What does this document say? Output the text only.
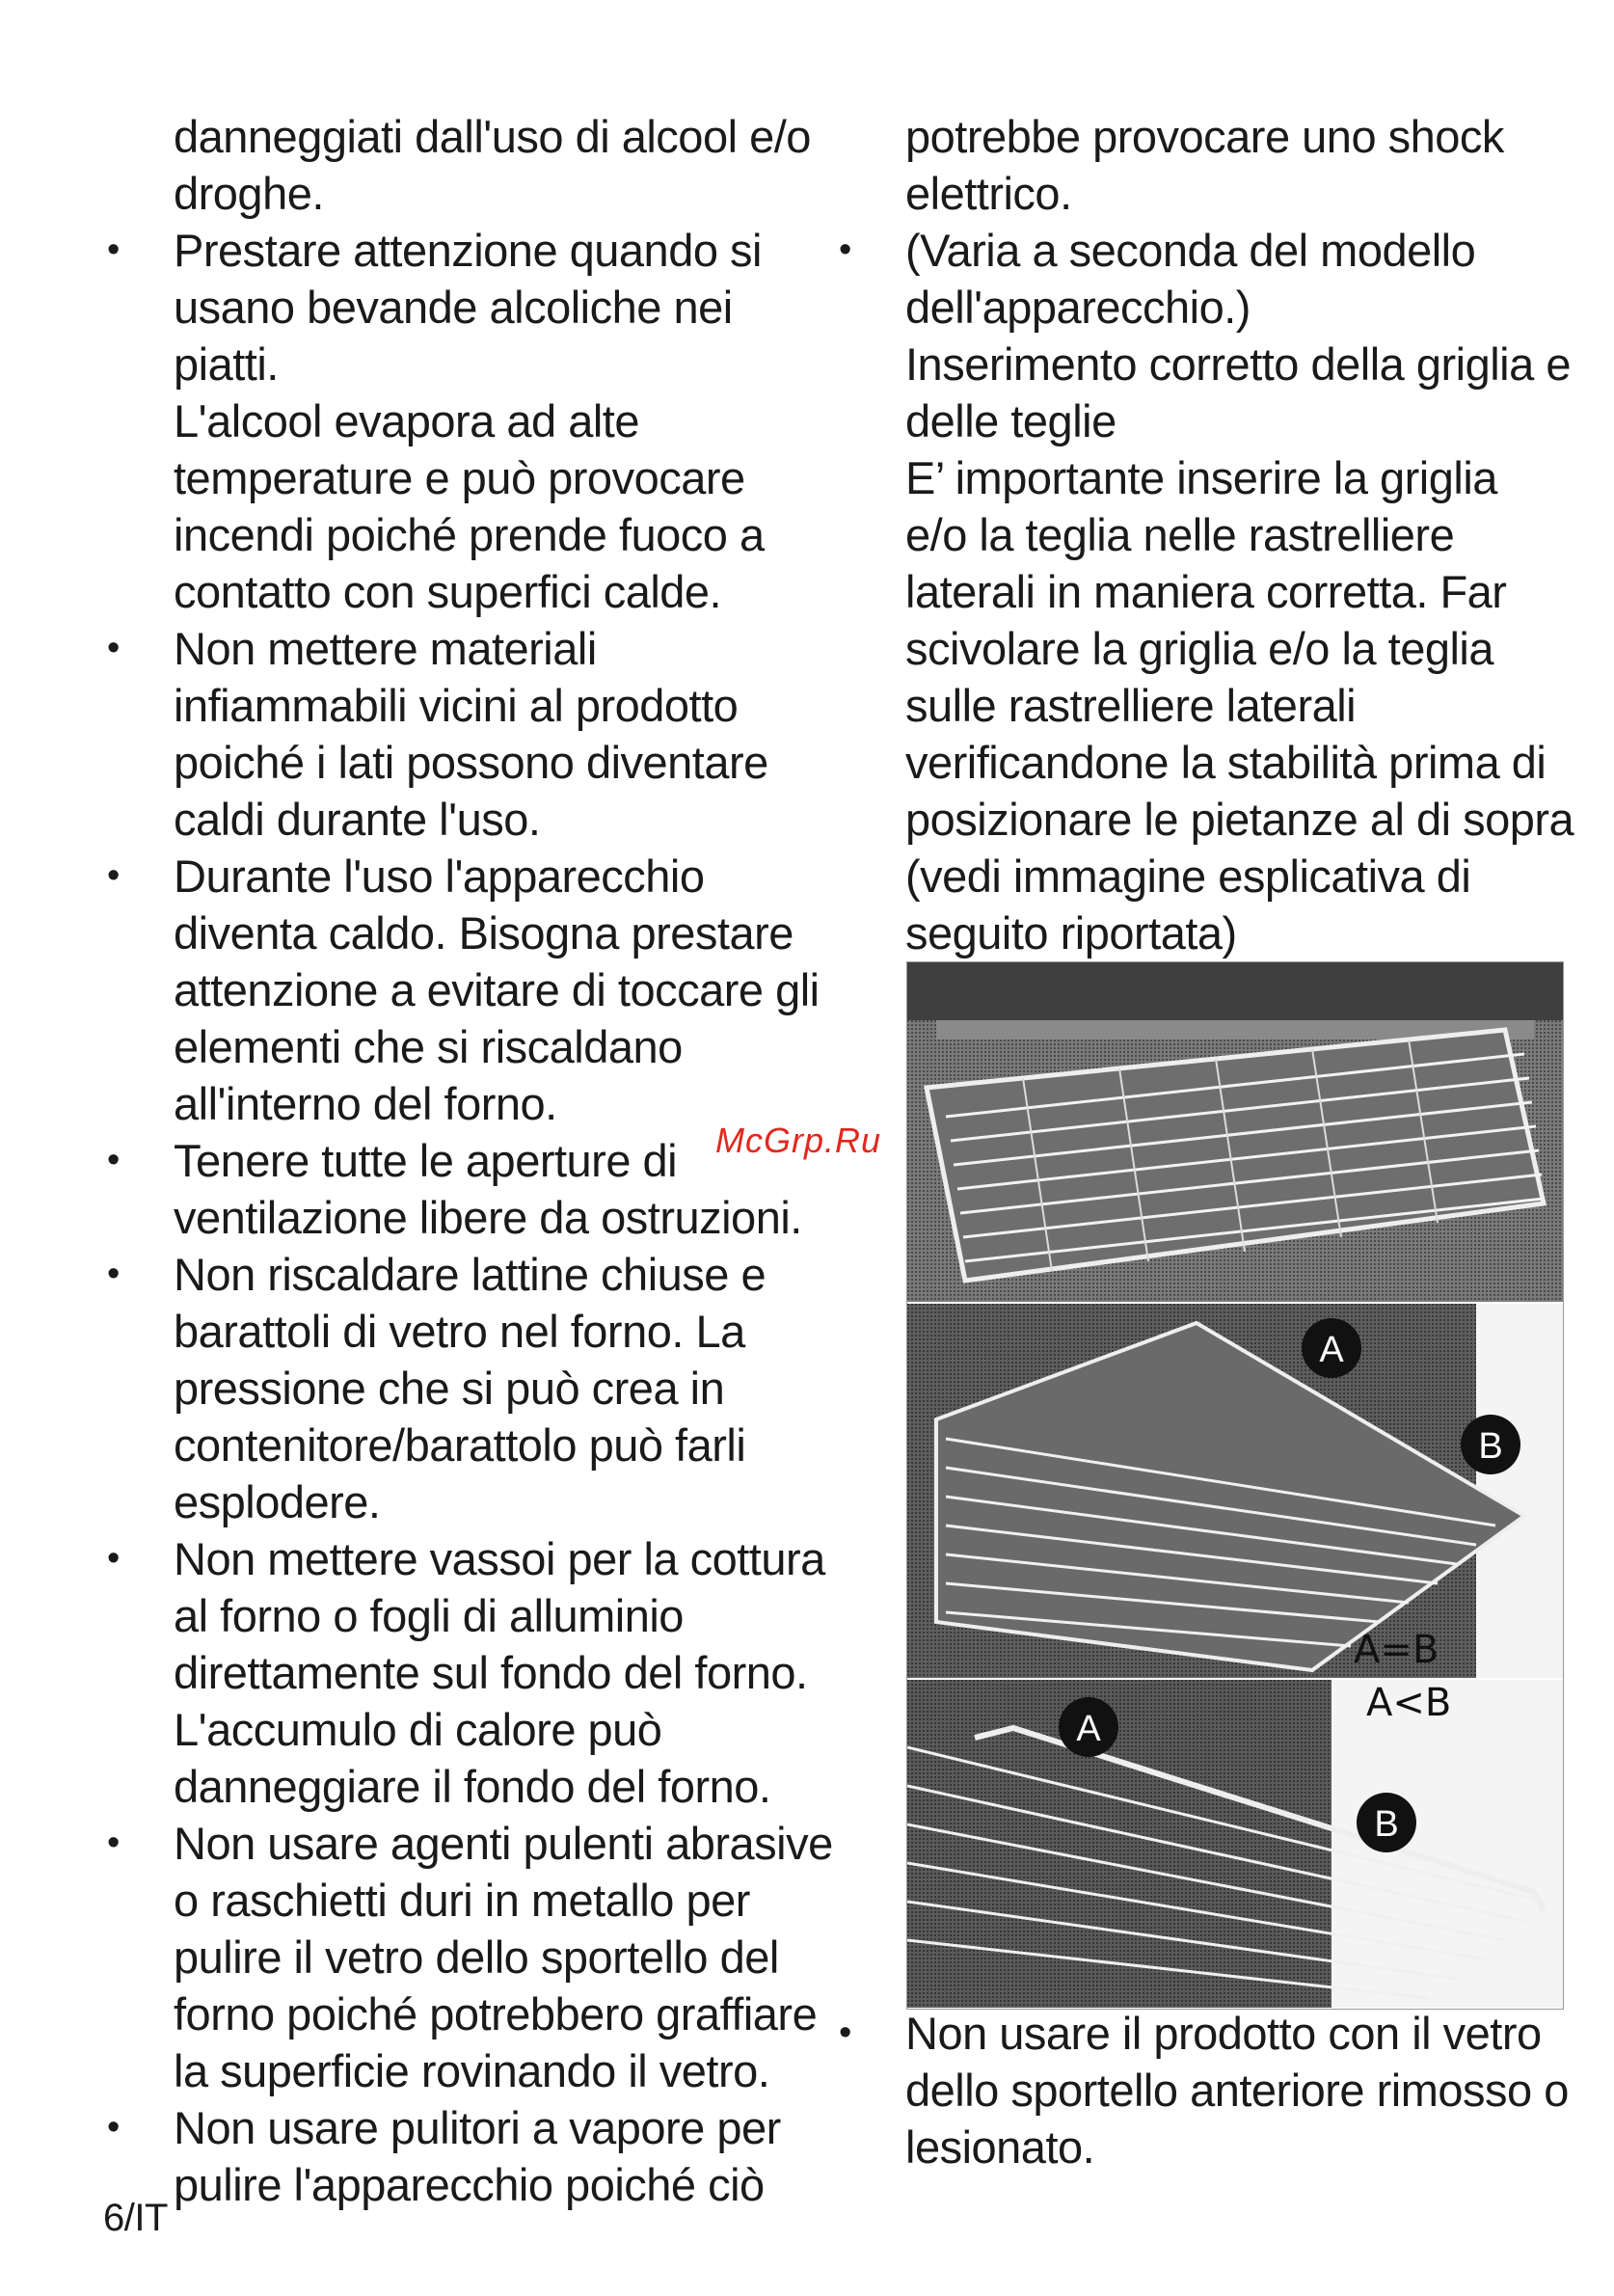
danneggiati dall'uso di alcool e/o
droghe.
•	Prestare attenzione quando si
usano bevande alcoliche nei piatti.
L'alcool evapora ad alte
temperature e può provocare
incendi poiché prende fuoco a
contatto con superfici calde.
•	Non mettere materiali
infiammabili vicini al prodotto
poiché i lati possono diventare
caldi durante l'uso.
•	Durante l'uso l'apparecchio
diventa caldo. Bisogna prestare
attenzione a evitare di toccare gli
elementi che si riscaldano
all'interno del forno.
•	Tenere tutte le aperture di
ventilazione libere da ostruzioni.
•	Non riscaldare lattine chiuse e
barattoli di vetro nel forno. La
pressione che si può crea in
contenitore/barattolo può farli
esplodere.
•	Non mettere vassoi per la cottura
al forno o fogli di alluminio
direttamente sul fondo del forno.
L'accumulo di calore può
danneggiare il fondo del forno.
•	Non usare agenti pulenti abrasive
o raschietti duri in metallo per
pulire il vetro dello sportello del
forno poiché potrebbero graffiare
la superficie rovinando il vetro.
•	Non usare pulitori a vapore per
pulire l'apparecchio poiché ciò
potrebbe provocare uno shock
elettrico.
•	(Varia a seconda del modello
dell'apparecchio.)
Inserimento corretto della griglia e
delle teglie
E’ importante inserire la griglia
e/o la teglia nelle rastrelliere
laterali in maniera corretta. Far
scivolare la griglia e/o la teglia
sulle rastrelliere laterali
verificandone la stabilità prima di
posizionare le pietanze al di sopra
(vedi immagine esplicativa di
seguito riportata)
•	Non usare il prodotto con il vetro
dello sportello anteriore rimosso o
lesionato.
A
B
A
B
A=B
A<B
McGrp.Ru
6/IT
